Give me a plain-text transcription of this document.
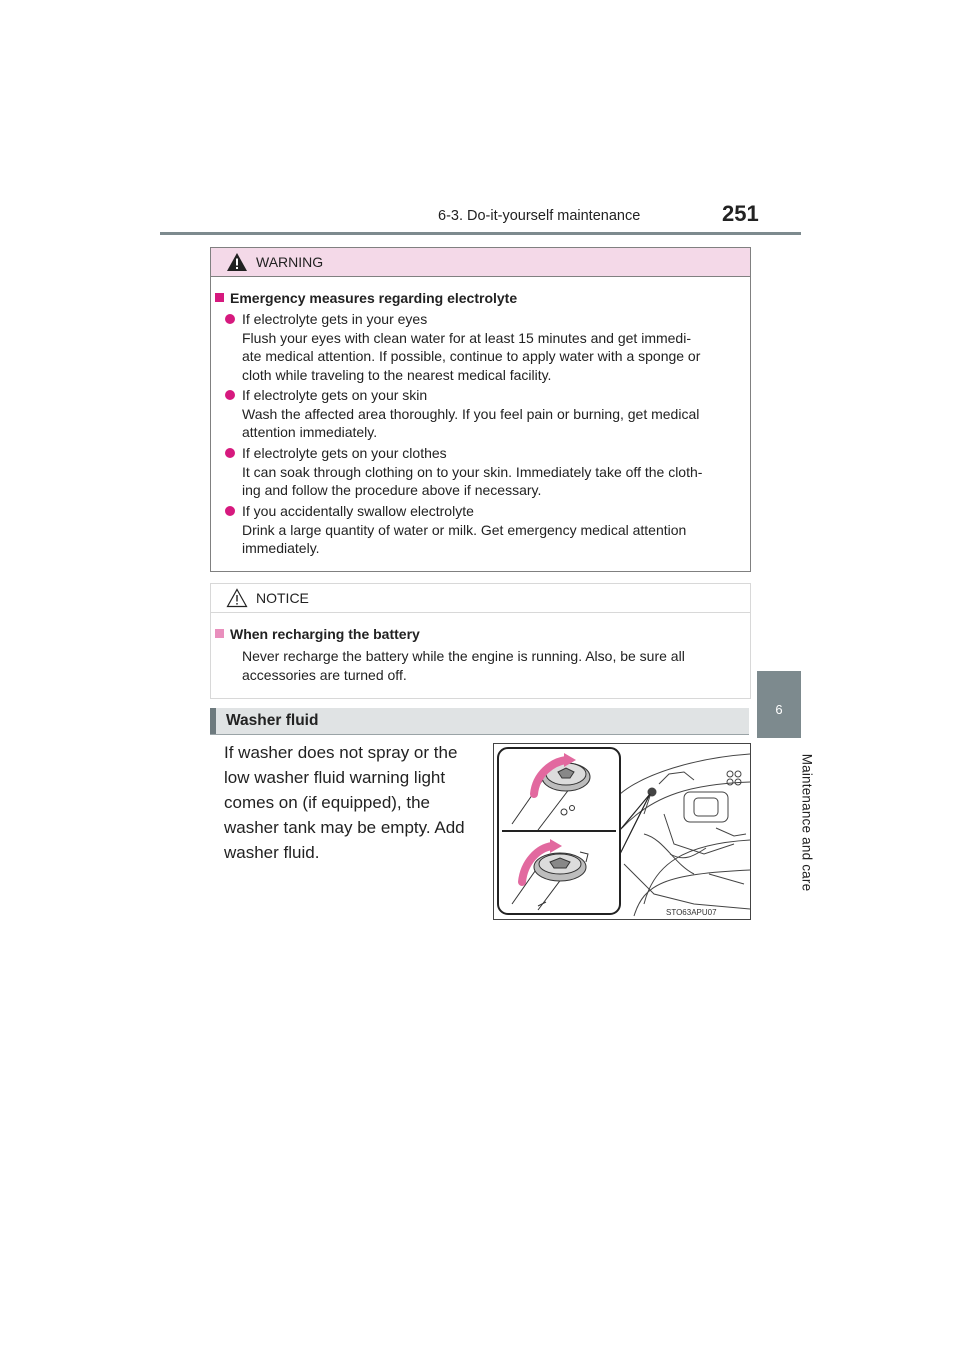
6-3. Do-it-yourself maintenance	251
6
Maintenance and care
WARNING
Emergency measures regarding electrolyte
If electrolyte gets in your eyes
Flush your eyes with clean water for at least 15 minutes and get immedi-
ate medical attention. If possible, continue to apply water with a sponge or
cloth while traveling to the nearest medical facility.
If electrolyte gets on your skin
Wash the affected area thoroughly. If you feel pain or burning, get medical
attention immediately.
If electrolyte gets on your clothes
It can soak through clothing on to your skin. Immediately take off the cloth-
ing and follow the procedure above if necessary.
If you accidentally swallow electrolyte
Drink a large quantity of water or milk. Get emergency medical attention
immediately.
NOTICE
When recharging the battery
Never recharge the battery while the engine is running. Also, be sure all
accessories are turned off.
Washer fluid

If washer does not spray or the

low washer fluid warning light

comes on (if equipped), the

washer tank may be empty. Add

washer fluid.

STO63APU07
